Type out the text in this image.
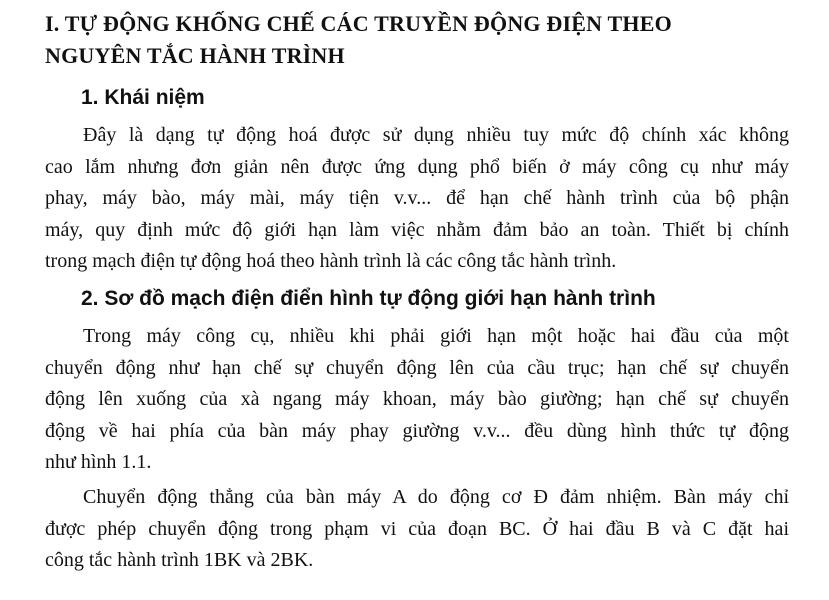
I. TỰ ĐỘNG KHỐNG CHẾ CÁC TRUYỀN ĐỘNG ĐIỆN THEO
NGUYÊN TẮC HÀNH TRÌNH
1. Khái niệm

Đây là dạng tự động hoá được sử dụng nhiều tuy mức độ chính xác không
cao lắm nhưng đơn giản nên được ứng dụng phổ biến ở máy công cụ như máy
phay, máy bào, máy mài, máy tiện v.v... để hạn chế hành trình của bộ phận
máy, quy định mức độ giới hạn làm việc nhằm đảm bảo an toàn. Thiết bị chính
trong mạch điện tự động hoá theo hành trình là các công tắc hành trình.

2. Sơ đồ mạch điện điển hình tự động giới hạn hành trình

Trong máy công cụ, nhiều khi phải giới hạn một hoặc hai đầu của một
chuyển động như hạn chế sự chuyển động lên của cầu trục; hạn chế sự chuyển
động lên xuống của xà ngang máy khoan, máy bào giường; hạn chế sự chuyển
động về hai phía của bàn máy phay giường v.v... đều dùng hình thức tự động
như hình 1.1.

Chuyển động thẳng của bàn máy A do động cơ Đ đảm nhiệm. Bàn máy chỉ
được phép chuyển động trong phạm vi của đoạn BC. Ở hai đầu B và C đặt hai
công tắc hành trình 1BK và 2BK.
